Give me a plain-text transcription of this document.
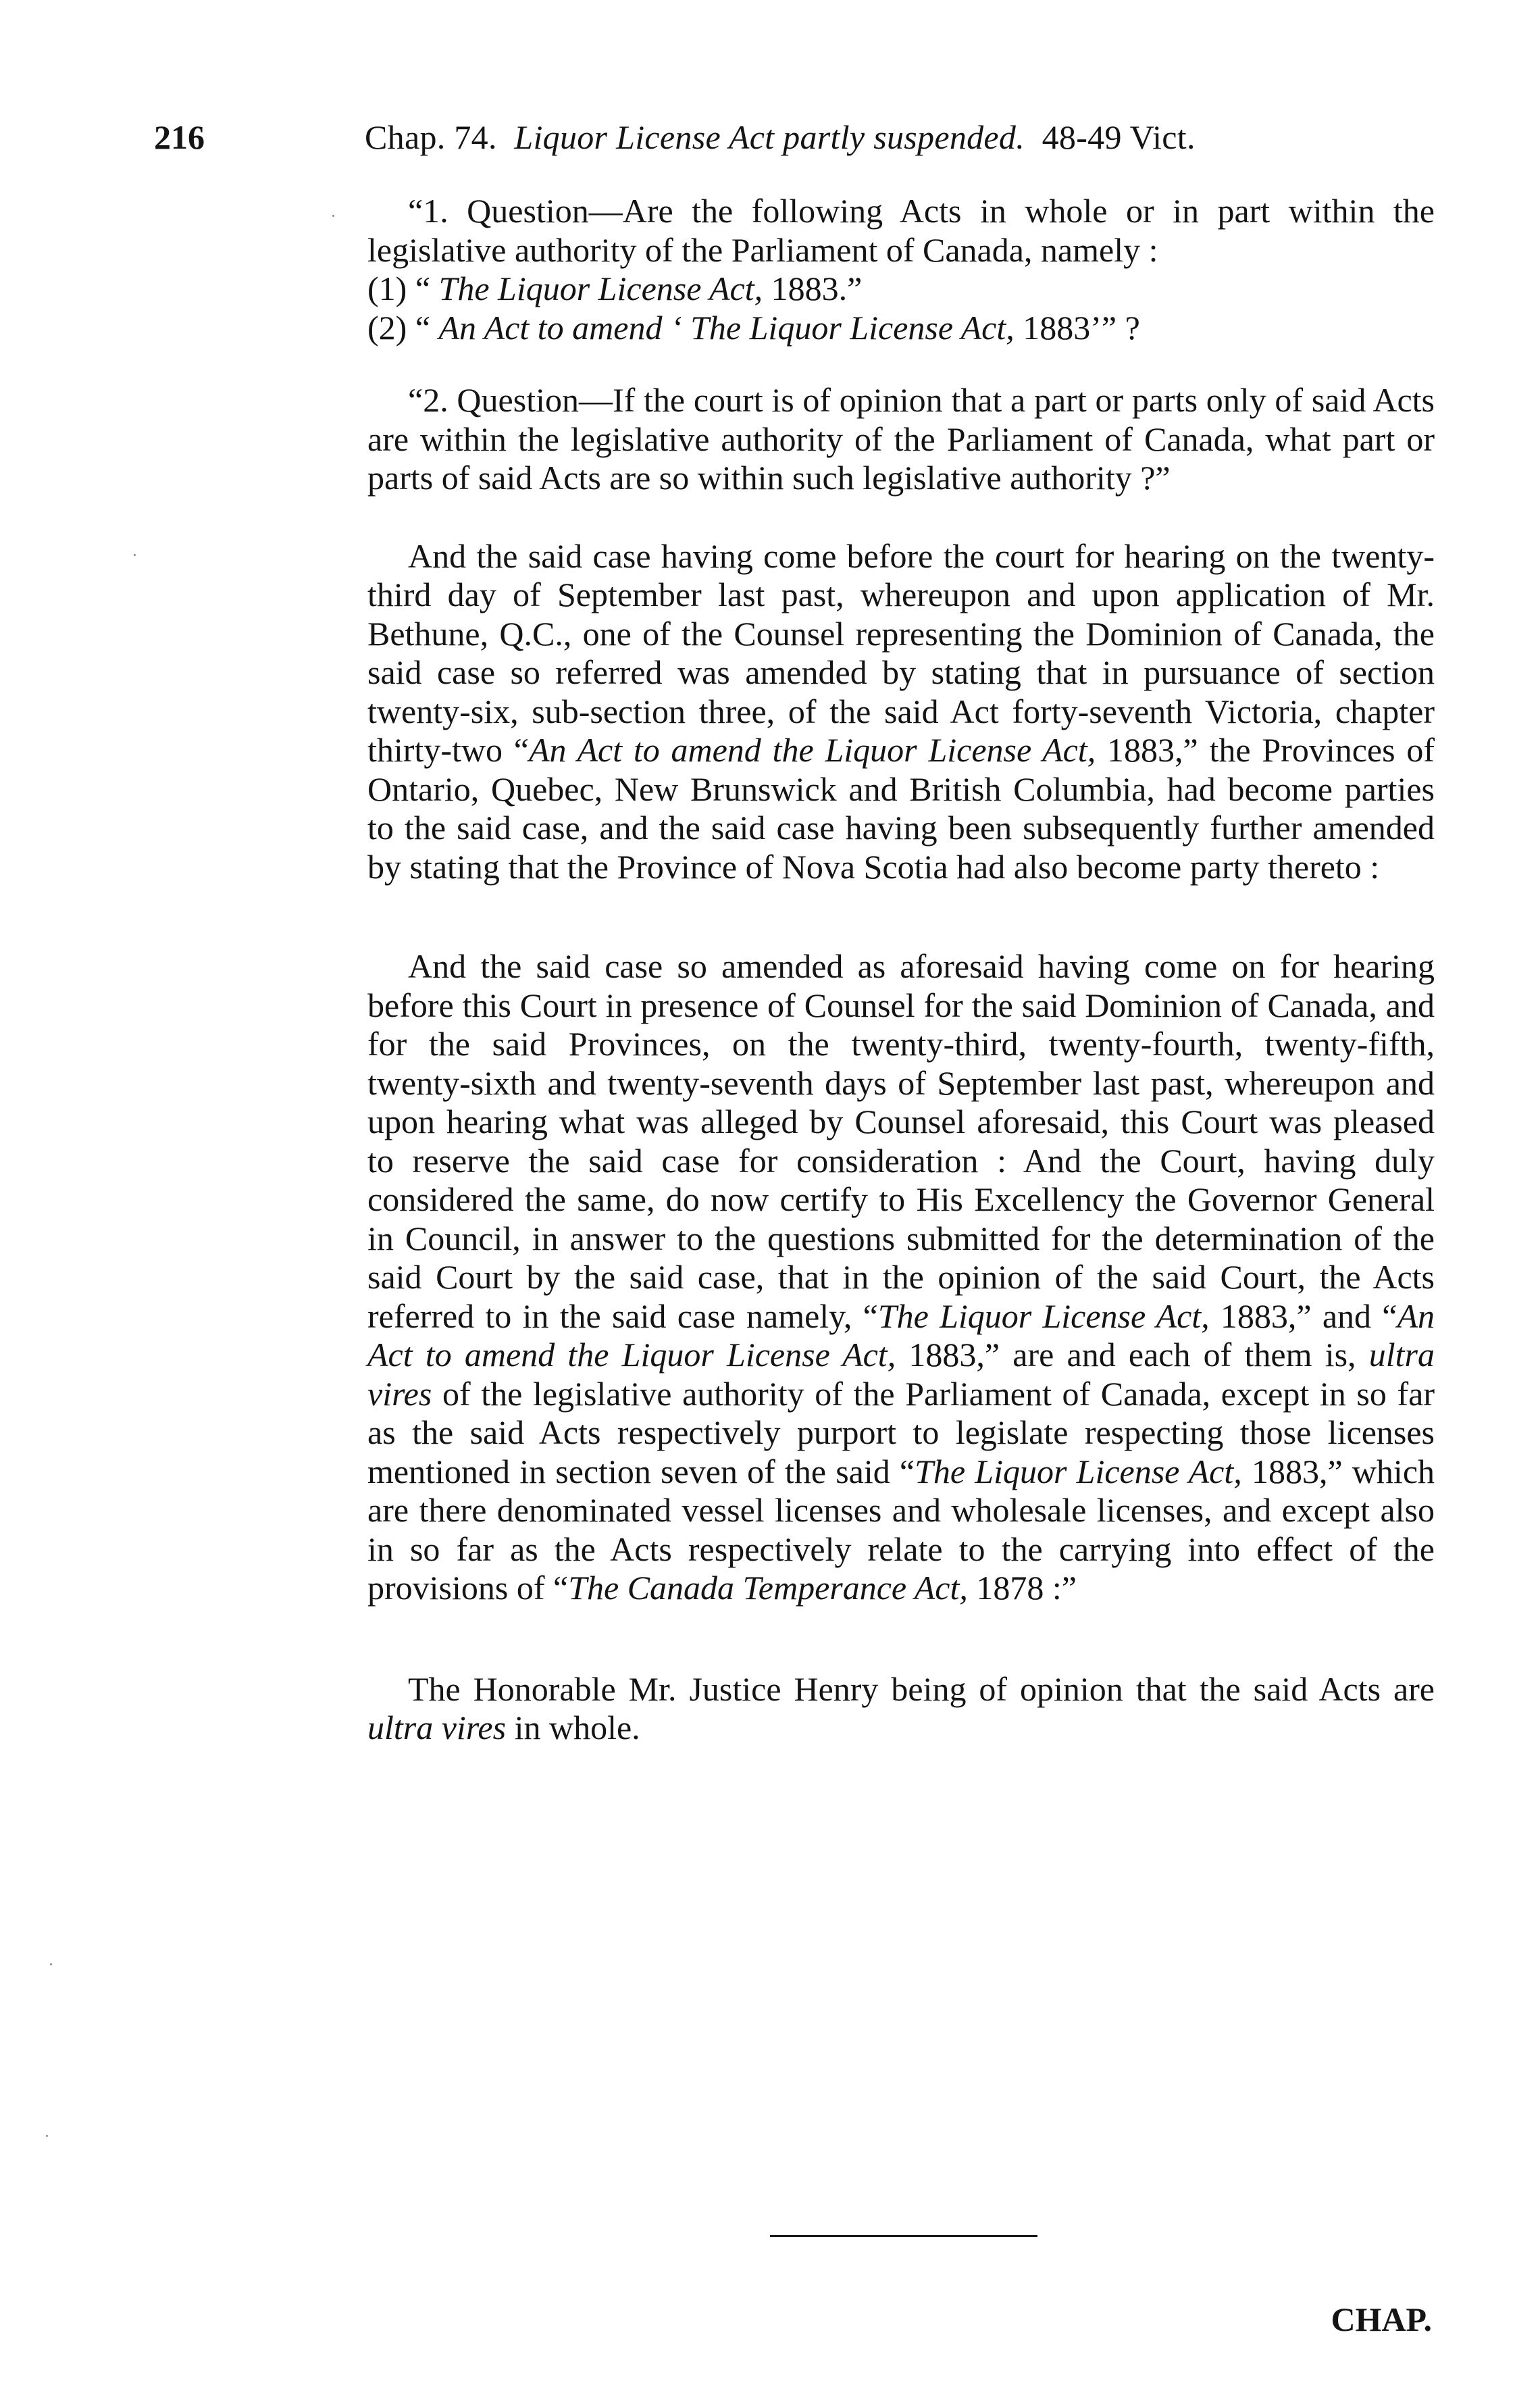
216	Chap. 74. Liquor License Act partly suspended. 48-49 Vict.

“1. Question—Are the following Acts in whole or in part within the legislative authority of the Parliament of Canada, namely :

(1) “ The Liquor License Act, 1883.”

(2) “ An Act to amend ‘ The Liquor License Act, 1883’” ?

“2. Question—If the court is of opinion that a part or parts only of said Acts are within the legislative authority of the Parliament of Canada, what part or parts of said Acts are so within such legislative authority ?”

And the said case having come before the court for hearing on the twenty-third day of September last past, whereupon and upon application of Mr. Bethune, Q.C., one of the Counsel representing the Dominion of Canada, the said case so referred was amended by stating that in pursuance of section twenty-six, sub-section three, of the said Act forty-seventh Victoria, chapter thirty-two “An Act to amend the Liquor License Act, 1883,” the Provinces of Ontario, Quebec, New Brunswick and British Columbia, had become parties to the said case, and the said case having been subsequently further amended by stating that the Province of Nova Scotia had also become party thereto :

And the said case so amended as aforesaid having come on for hearing before this Court in presence of Counsel for the said Dominion of Canada, and for the said Provinces, on the twenty-third, twenty-fourth, twenty-fifth, twenty-sixth and twenty-seventh days of September last past, whereupon and upon hearing what was alleged by Counsel aforesaid, this Court was pleased to reserve the said case for consideration : And the Court, having duly considered the same, do now certify to His Excellency the Governor General in Council, in answer to the questions submitted for the determination of the said Court by the said case, that in the opinion of the said Court, the Acts referred to in the said case namely, “The Liquor License Act, 1883,” and “An Act to amend the Liquor License Act, 1883,” are and each of them is, ultra vires of the legislative authority of the Parliament of Canada, except in so far as the said Acts respectively purport to legislate respecting those licenses mentioned in section seven of the said “The Liquor License Act, 1883,” which are there denominated vessel licenses and wholesale licenses, and except also in so far as the Acts respectively relate to the carrying into effect of the provisions of “The Canada Temperance Act, 1878 :”

The Honorable Mr. Justice Henry being of opinion that the said Acts are ultra vires in whole.

CHAP.
